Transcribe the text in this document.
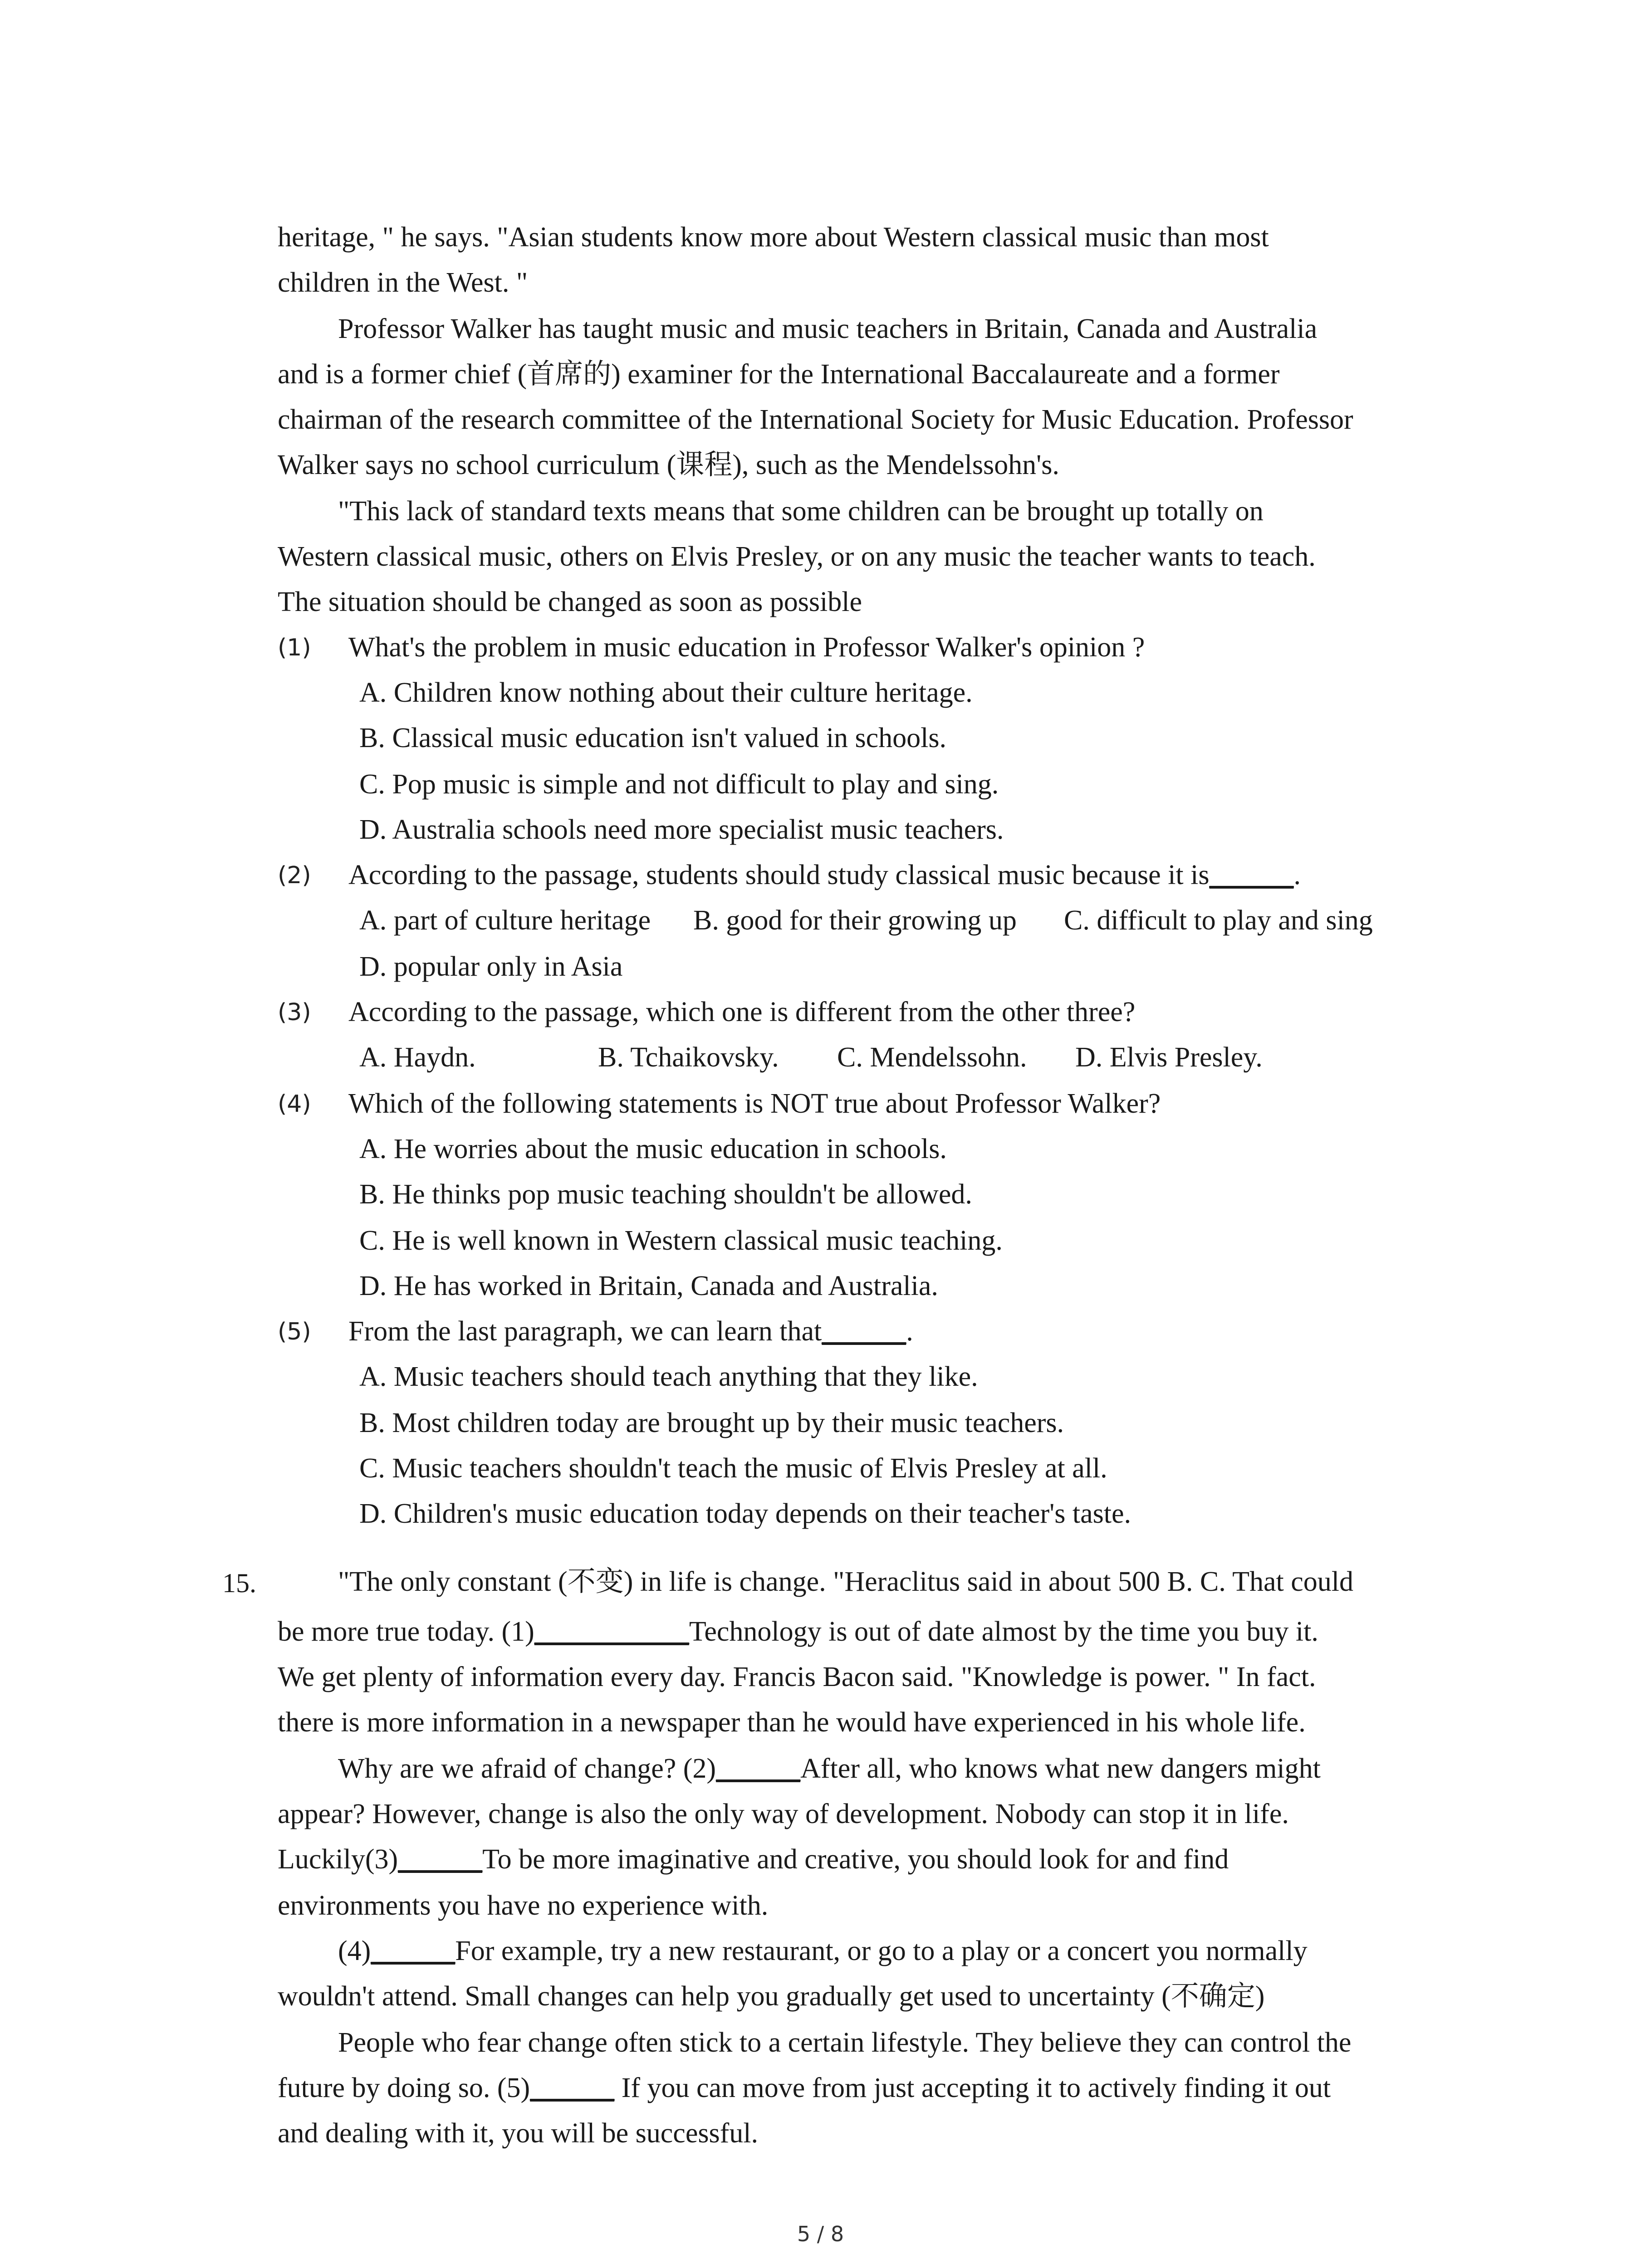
heritage, " he says. "Asian students know more about Western classical music than most
children in the West. "
Professor Walker has taught music and music teachers in Britain, Canada and Australia
and is a former chief (首席的) examiner for the International Baccalaureate and a former
chairman of the research committee of the International Society for Music Education. Professor
Walker says no school curriculum (课程), such as the Mendelssohn's.
"This lack of standard texts means that some children can be brought up totally on
Western classical music, others on Elvis Presley, or on any music the teacher wants to teach.
The situation should be changed as soon as possible
(1) What's the problem in music education in Professor Walker's opinion ?
A. Children know nothing about their culture heritage.
B. Classical music education isn't valued in schools.
C. Pop music is simple and not difficult to play and sing.
D. Australia schools need more specialist music teachers.
(2) According to the passage, students should study classical music because it is______.
A. part of culture heritage B. good for their growing up C. difficult to play and sing
D. popular only in Asia
(3) According to the passage, which one is different from the other three?
A. Haydn.	B. Tchaikovsky. C. Mendelssohn. D. Elvis Presley.
(4) Which of the following statements is NOT true about Professor Walker?
A. He worries about the music education in schools.
B. He thinks pop music teaching shouldn't be allowed.
C. He is well known in Western classical music teaching.
D. He has worked in Britain, Canada and Australia.
(5) From the last paragraph, we can learn that______.
A. Music teachers should teach anything that they like.
B. Most children today are brought up by their music teachers.
C. Music teachers shouldn't teach the music of Elvis Presley at all.
D. Children's music education today depends on their teacher's taste.
15.	"The only constant (不变) in life is change. "Heraclitus said in about 500 B. C. That could
be more true today. (1)___________Technology is out of date almost by the time you buy it.
We get plenty of information every day. Francis Bacon said. "Knowledge is power. " In fact.
there is more information in a newspaper than he would have experienced in his whole life.
Why are we afraid of change? (2)______After all, who knows what new dangers might
appear? However, change is also the only way of development. Nobody can stop it in life.
Luckily(3)______To be more imaginative and creative, you should look for and find
environments you have no experience with.
(4)______For example, try a new restaurant, or go to a play or a concert you normally
wouldn't attend. Small changes can help you gradually get used to uncertainty (不确定)
People who fear change often stick to a certain lifestyle. They believe they can control the
future by doing so. (5)______ If you can move from just accepting it to actively finding it out
and dealing with it, you will be successful.
5 / 8
